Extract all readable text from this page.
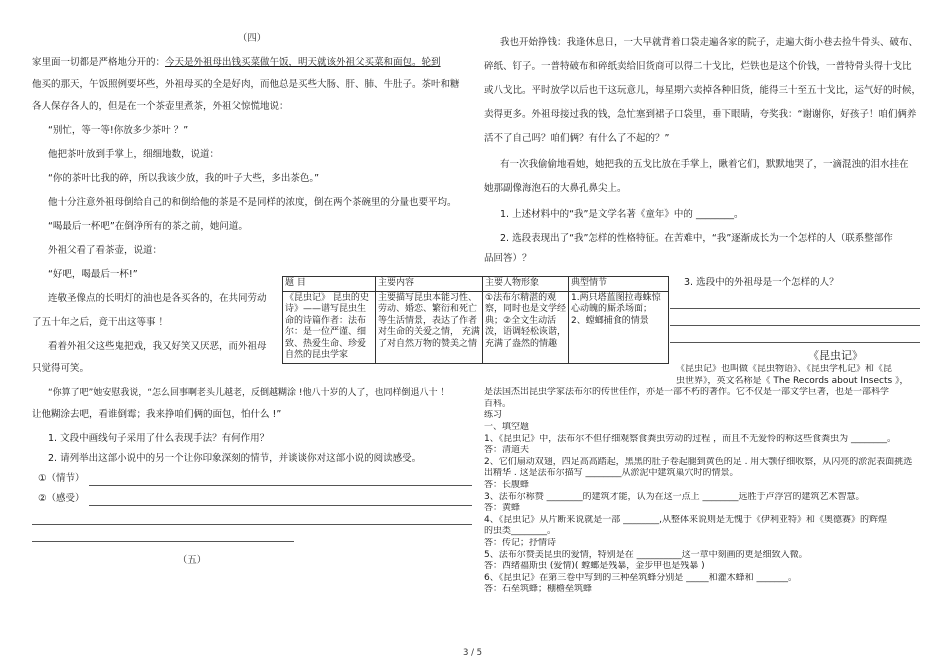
（四）

家里面一切都是严格地分开的：今天是外祖母出钱买菜做午饭，明天就该外祖父买菜和面包。轮到

他买的那天，午饭照例要坏些，外祖母买的全是好肉，而他总是买些大肠、肝、肺、牛肚子。茶叶和糖

各人保存各人的，但是在一个茶壶里煮茶，外祖父惊慌地说：

“别忙，等一等!你放多少茶叶 ？”

他把茶叶放到手掌上，细细地数，说道：

“你的茶叶比我的碎，所以我该少放，我的叶子大些，多出茶色。”

他十分注意外祖母倒给自己的和倒给他的茶是不是同样的浓度，倒在两个茶碗里的分量也要平均。

“喝最后一杯吧”在倒净所有的茶之前，她问道。

外祖父看了看茶壶，说道：

“好吧，喝最后一杯!”

连敬圣像点的长明灯的油也是各买各的，在共同劳动

了五十年之后，竟干出这等事 ！

看着外祖父这些鬼把戏，我又好笑又厌恶，而外祖母

只觉得可笑。

“你算了吧”她安慰我说，“怎么回事啊老头儿越老，反倒越糊涂 !他八十岁的人了，也同样倒退八十 ！

让他糊涂去吧，看谁倒霉；我来挣咱们俩的面包，怕什么 !”

1. 文段中画线句子采用了什么表现手法？有何作用？

2. 请列举出这部小说中的另一个让你印象深刻的情节，并谈谈你对这部小说的阅读感受。

①（情节）
②（感受）

（五）

题 目	主要内容	主要人物形象	典型情节
《昆虫记》 昆虫的史诗》——谱写昆虫生命的诗篇作者：法布尔：是一位严谨、细致、热爱生命、珍爱自然的昆虫学家	主要描写昆虫本能习性、劳动、婚恋、繁衍和死亡等生活情景，表达了作者对生命的关爱之情， 充满了对自然万物的赞美之情	①法布尔精湛的观察，同时也是文学经典；②全文生动活泼，语调轻松诙谐，充满了盎然的情趣	1.两只塔蓝图拉毒蛛惊心动魄的厮杀场面；2、螳螂捕食的情景

我也开始挣钱：我逢休息日，一大早就背着口袋走遍各家的院子，走遍大街小巷去捡牛骨头、破布、

碎纸、钉子。一普特破布和碎纸卖给旧货商可以得二十戈比，烂铁也是这个价钱，一普特骨头得十戈比

或八戈比。平时放学以后也干这玩意儿，每星期六卖掉各种旧货，能得三十至五十戈比，运气好的时候，

卖得更多。外祖母接过我的钱，急忙塞到裙子口袋里，垂下眼睛，夸奖我：“谢谢你，好孩子！咱们俩养

活不了自己吗？咱们俩？有什么了不起的？”

有一次我偷偷地看她，她把我的五戈比放在手掌上，瞅着它们，默默地哭了，一滴混浊的泪水挂在

她那副像海泡石的大鼻孔鼻尖上。

1. 上述材料中的“我”是文学名著《童年》中的 ________。

2. 选段表现出了“我”怎样的性格特征。在苦难中，“我”逐渐成长为一个怎样的人（联系整部作

品回答）？

3. 选段中的外祖母是一个怎样的人？

《昆虫记》

《昆虫记》也叫做《昆虫物语》、《昆虫学札记》和《昆

虫世界》，英文名称是《 The Records about Insects 》，

是法国杰出昆虫学家法布尔的传世佳作，亦是一部不朽的著作。它不仅是一部文学巨著，也是一部科学

百科。

练习

一、填空题

1、《昆虫记》中，法布尔不但仔细观察食粪虫劳动的过程 ，而且不无爱怜的称这些食粪虫为 ________。

答：清道夫

2、它们扇动双翅，四足高高踏起，黑黑的肚子卷起腿到黄色的足 . 用大颚仔细收察，从闪亮的淤泥表面挑选

出精华 . 这是法布尔描写 ________从淤泥中建筑巢穴时的情景。

答：长腹蜂

3、法布尔称赞 ________的建筑才能，认为在这一点上 ________远胜于卢浮宫的建筑艺术智慧。

答：黄蜂

4、《昆虫记》从片断来说就是一部 ________,从整体来说则是无愧于《伊利亚特》和《奥德赛》的辉煌

的虫类________。

答：传记；抒情诗

5、法布尔赞美昆虫的爱情，特别是在 __________这一章中刻画的更是细致入微。

答：西绪福斯虫 (爱情)( 螳螂是残暴，金步甲也是残暴 )

6、《昆虫记》在第三卷中写到的三种垒筑蜂分别是 _____和灌木蜂和 _______。

答：石垒筑蜂；棚檐垒筑蜂

3 / 5
